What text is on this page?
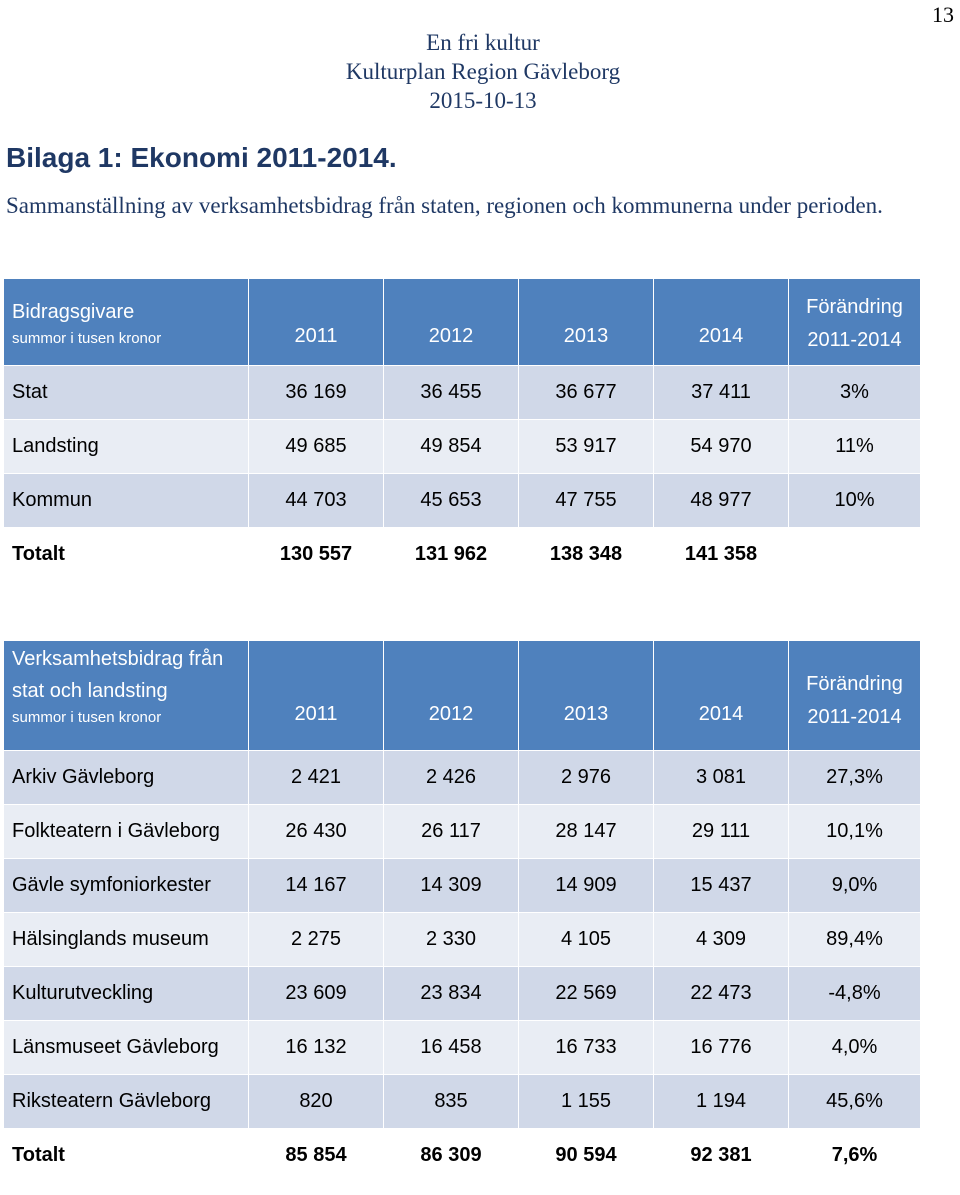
13
En fri kultur
Kulturplan Region Gävleborg
2015-10-13
Bilaga 1: Ekonomi 2011-2014.
Sammanställning av verksamhetsbidrag från staten, regionen och kommunerna under perioden.
Bidragsgivare
summor i tusen kronor	2011	2012	2013	2014	Förändring
2011-2014

Stat	36 169	36 455	36 677	37 411	3%
Landsting	49 685	49 854	53 917	54 970	11%
Kommun	44 703	45 653	47 755	48 977	10%
Totalt	130 557	131 962	138 348	141 358	
Verksamhetsbidrag från
stat och landsting
summor i tusen kronor	2011	2012	2013	2014	Förändring
2011-2014

Arkiv Gävleborg	2 421	2 426	2 976	3 081	27,3%
Folkteatern i Gävleborg	26 430	26 117	28 147	29 111	10,1%
Gävle symfoniorkester	14 167	14 309	14 909	15 437	9,0%
Hälsinglands museum	2 275	2 330	4 105	4 309	89,4%
Kulturutveckling	23 609	23 834	22 569	22 473	-4,8%
Länsmuseet Gävleborg	16 132	16 458	16 733	16 776	4,0%
Riksteatern Gävleborg	820	835	1 155	1 194	45,6%
Totalt	85 854	86 309	90 594	92 381	7,6%
